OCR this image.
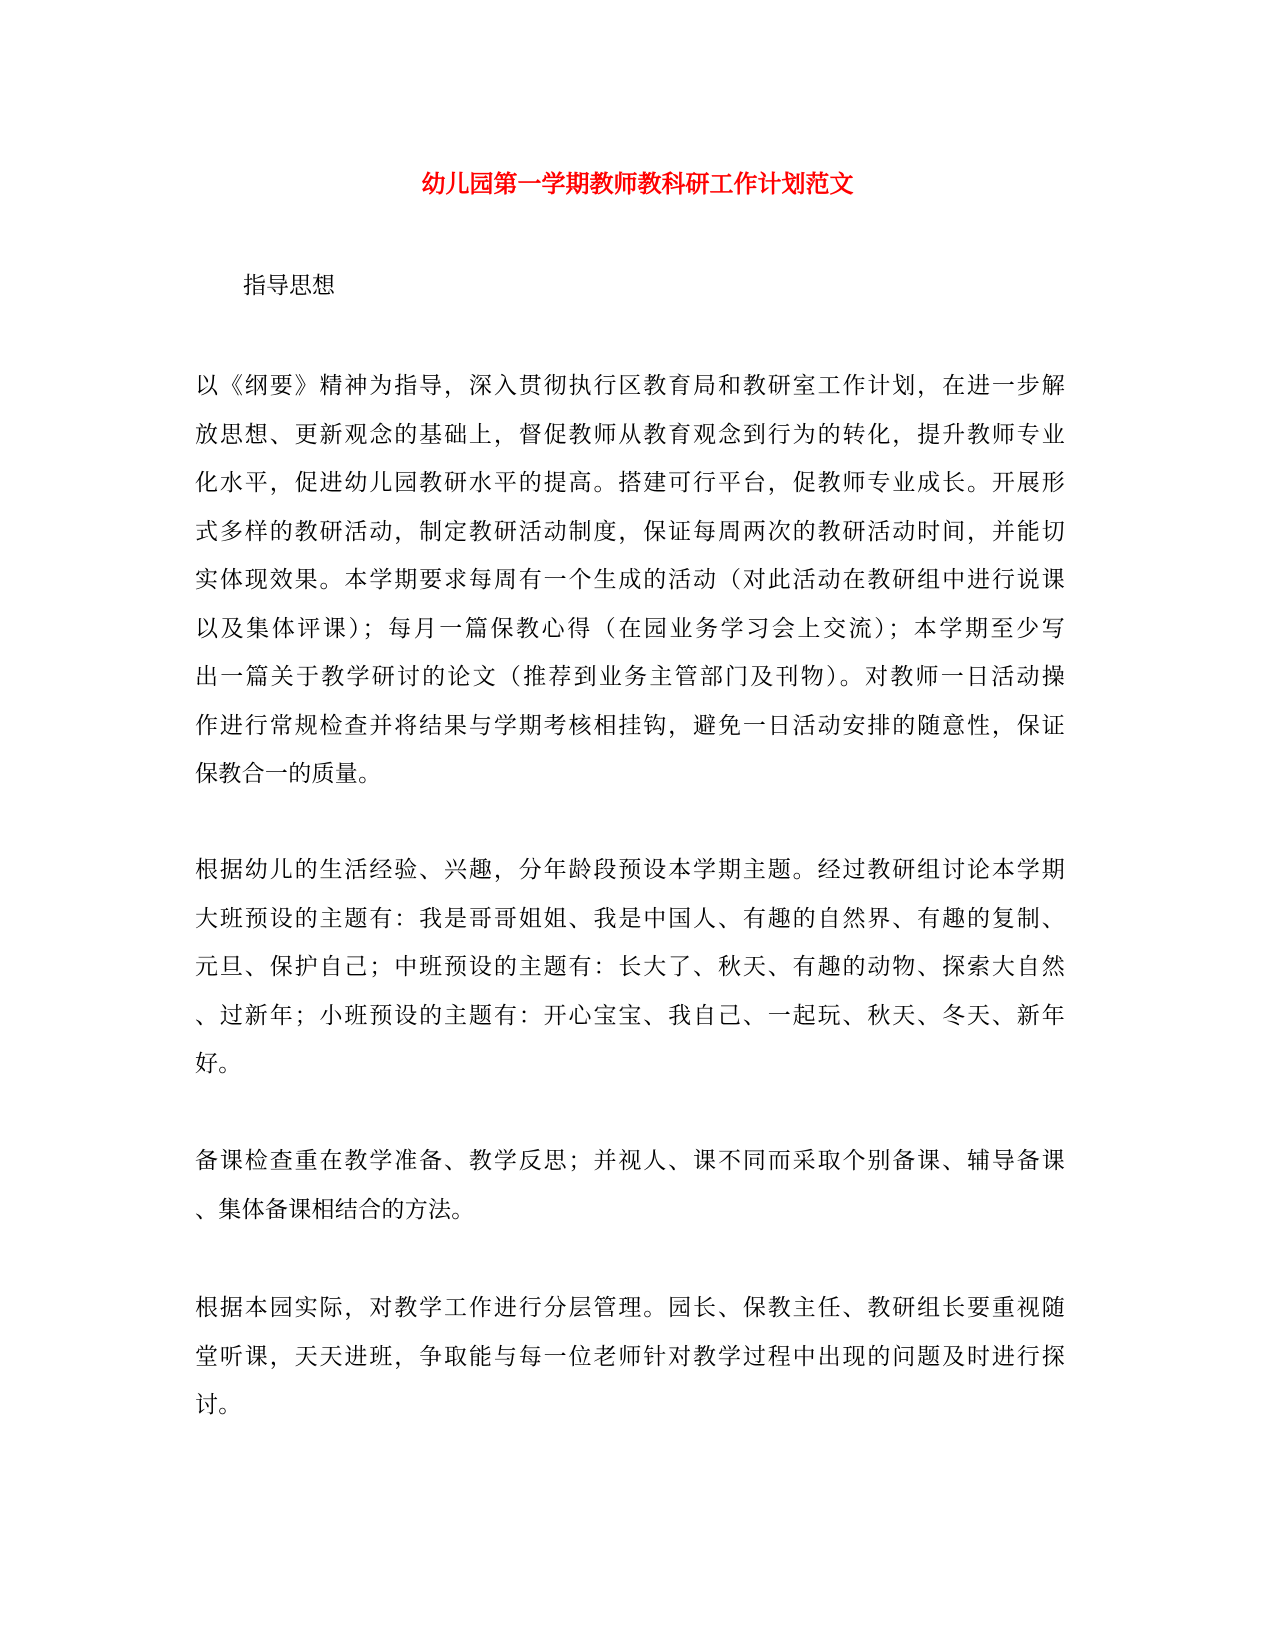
幼儿园第一学期教师教科研工作计划范文

指导思想

以《纲要》精神为指导，深入贯彻执行区教育局和教研室工作计划，在进一步解
放思想、更新观念的基础上，督促教师从教育观念到行为的转化，提升教师专业
化水平，促进幼儿园教研水平的提高。搭建可行平台，促教师专业成长。开展形
式多样的教研活动，制定教研活动制度，保证每周两次的教研活动时间，并能切
实体现效果。本学期要求每周有一个生成的活动（对此活动在教研组中进行说课
以及集体评课）；每月一篇保教心得（在园业务学习会上交流）；本学期至少写
出一篇关于教学研讨的论文（推荐到业务主管部门及刊物）。对教师一日活动操
作进行常规检查并将结果与学期考核相挂钩，避免一日活动安排的随意性，保证
保教合一的质量。
根据幼儿的生活经验、兴趣，分年龄段预设本学期主题。经过教研组讨论本学期
大班预设的主题有：我是哥哥姐姐、我是中国人、有趣的自然界、有趣的复制、
元旦、保护自己；中班预设的主题有：长大了、秋天、有趣的动物、探索大自然
、过新年；小班预设的主题有：开心宝宝、我自己、一起玩、秋天、冬天、新年
好。
备课检查重在教学准备、教学反思；并视人、课不同而采取个别备课、辅导备课
、集体备课相结合的方法。
根据本园实际，对教学工作进行分层管理。园长、保教主任、教研组长要重视随
堂听课，天天进班，争取能与每一位老师针对教学过程中出现的问题及时进行探
讨。
